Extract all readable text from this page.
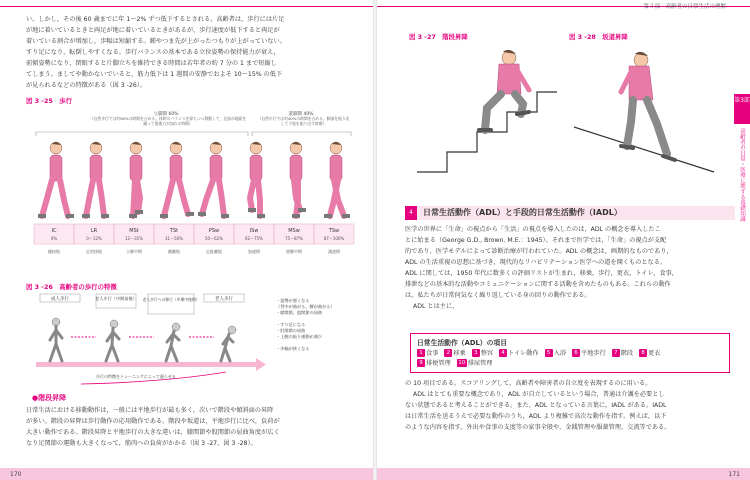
い。しかし，その後 60 歳までに年 1〜2% ずつ低下するとされる。高齢者は，歩行には片足
が地に着いているときと両足が地に着いているときがあるが，歩行速度が低下すると両足が
着いている割合が増加し，歩幅は短縮する。踵やつま先が上がったつもりが上がっていない。
すり足になり，転倒しやすくなる。歩行バランスの基本である立位姿勢の保持能力が衰え，
前傾姿勢になり，閉眼すると片脚立ちを維持できる時間は若年者の約 7 分の 1 まで短縮し
てしまう。ましてや動かないでいると，筋力低下は 1 週間の安静でおよそ 10〜15% の低下
が見られるなどの特徴がある（図 3 -26）。
図 3 -25　歩行
立脚期 60%
（自然歩行では約60%の時間を占める。体幹のバランスを保ちつつ移動して，足部が地面を蹴って推進力が加わる時期）
遊脚期 40%
（自然歩行では約40%の時間を占める。脚部を振り出して下肢を振り出す時期）
IC
0%
踵接地
LR
0〜12%
足底接地
MSt
12〜31%
立脚中期
TSt
31〜50%
踵離地
PSw
50〜62%
足趾離地
ISw
62〜75%
加速期
MSw
75〜87%
遊脚中期
TSw
87〜100%
減速期
図 3 -26　高齢者の歩行の特徴
成人歩行	老人歩行（中期前後） 老人歩行への移行（中期中後期）	老人歩行	・姿勢が悪くなる
（背中が曲がる，腰が曲がる）
・膝関節，股関節の屈曲
・すり足になる
・肘関節の屈曲
・上腕の振り運動が減少
・歩幅が狭くなる
歩行の特徴をトレーニングによって遅らせる
●階段昇降
日常生活における移動動作は，一般には平地歩行が最も多く，次いで階段や傾斜面の昇降
が多い。階段の昇降は歩行動作の応用動作である。階段や坂道は，平地歩行に比べ，負荷が
大きい動作である。階段昇降と平地歩行の大きな違いは，膝関節や股関節の屈曲角度が広く
なり足関節の運動も大きくなって，筋肉への負荷がかかる（図 3 -27，図 3 -28）。
170
第３部　高齢者の日常生活の理解
図 3 -27　階段昇降	図 3 -28　坂道昇降
第3部
高齢者の日常・医療に関する基礎知識
4	日常生活動作（ADL）と手段的日常生活動作（IADL）
医学の世界に「生命」の視点から「生活」の視点を導入したのは，ADL の概念を導入したこ
とに始まる（George G.D., Brown. M.E.：1945）。それまで医学では，「生命」の視点が支配
的であり，医学モデルによって診断治療が行われていた。ADL の概念は，画期的なものであり，
ADL の生活重視の思想に基づき，現代的なリハビリテーション医学への道を開くものとなる。
ADL に関しては，1950 年代に数多くの評価リストが生まれ，移乗，歩行，更衣，トイレ，食事，
排泄などの基本的な活動やコミュニケーションに関する活動を含めたものもある。これらの動作
は，私たちが日常何気なく繰り返している身の回りの動作である。
ADL とは主に，
日常生活動作（ADL）の項目
1 食事 2 移乗 3 整容 4 トイレ動作 5 入浴 6 平地歩行 7 階段 8 更衣
9 排便管理 10 排尿管理
の 10 項目である。スコアリングして，高齢者や障害者の自立度を表現するのに用いる。
ADL はとても重要な概念であり，ADL が自立しているという場合，普通は介護を必要とし
ない状態であると考えることができる。また，ADL となっている言葉に，IADL がある。IADL
は日常生活を送るうえで必要な動作のうち，ADL より複雑で高次な動作を指す。例えば，以下
のような内容を指す。外出や食事の支度等の家事全般や，金銭管理や服薬管理，交流等である。
171
